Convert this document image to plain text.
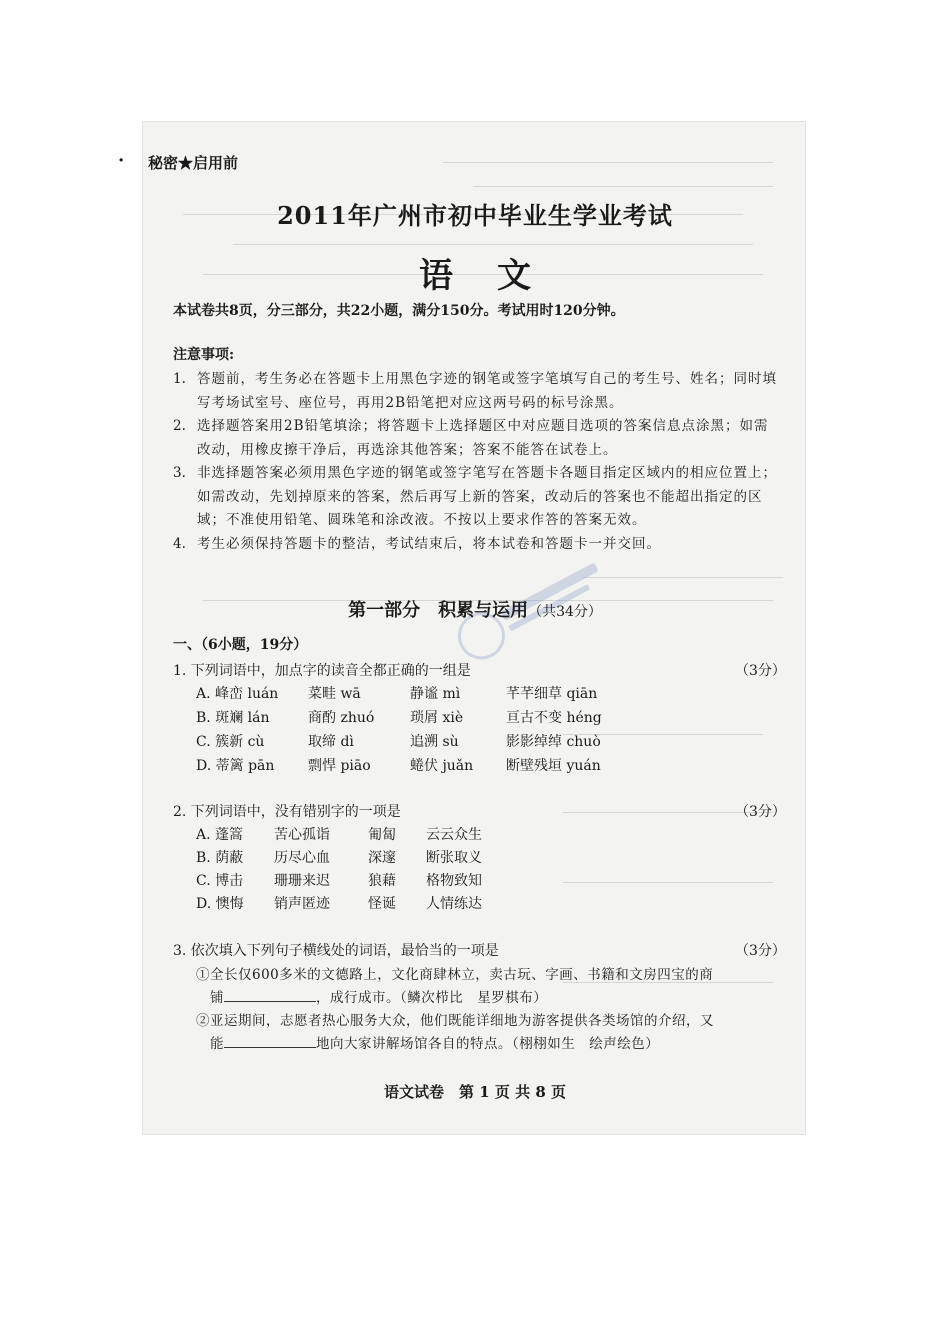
· 秘密★启用前
2011年广州市初中毕业生学业考试
语文
本试卷共8页，分三部分，共22小题，满分150分。考试用时120分钟。
注意事项:
1. 答题前，考生务必在答题卡上用黑色字迹的钢笔或签字笔填写自己的考生号、姓名；同时填写考场试室号、座位号，再用2B铅笔把对应这两号码的标号涂黑。
2. 选择题答案用2B铅笔填涂；将答题卡上选择题区中对应题目选项的答案信息点涂黑；如需改动，用橡皮擦干净后，再选涂其他答案；答案不能答在试卷上。
3. 非选择题答案必须用黑色字迹的钢笔或签字笔写在答题卡各题目指定区域内的相应位置上；如需改动，先划掉原来的答案，然后再写上新的答案，改动后的答案也不能超出指定的区域；不准使用铅笔、圆珠笔和涂改液。不按以上要求作答的答案无效。
4. 考生必须保持答题卡的整洁，考试结束后，将本试卷和答题卡一并交回。
第一部分　积累与运用（共34分）
一、（6小题，19分）
1. 下列词语中，加点字的读音全都正确的一组是	（3分）
A. 峰峦 luán	菜畦 wā	静谧 mì	芊芊细草 qiān
B. 斑斓 lán	商酌 zhuó	琐屑 xiè	亘古不变 héng
C. 簇新 cù	取缔 dì	追溯 sù	影影绰绰 chuò
D. 蒂篱 pān	剽悍 piāo	蜷伏 juǎn	断壁残垣 yuán
2. 下列词语中，没有错别字的一项是	（3分）
A. 蓬篙	苦心孤诣	匍匐	云云众生
B. 荫蔽	历尽心血	深邃	断张取义
C. 博击	珊珊来迟	狼藉	格物致知
D. 懊悔	销声匿迹	怪诞	人情练达
3. 依次填入下列句子横线处的词语，最恰当的一项是	（3分）
①全长仅600多米的文德路上，文化商肆林立，卖古玩、字画、书籍和文房四宝的商
铺	，成行成市。（鳞次栉比　星罗棋布）
②亚运期间，志愿者热心服务大众，他们既能详细地为游客提供各类场馆的介绍，又
能	地向大家讲解场馆各自的特点。（栩栩如生　绘声绘色）
语文试卷　第 1 页 共 8 页
